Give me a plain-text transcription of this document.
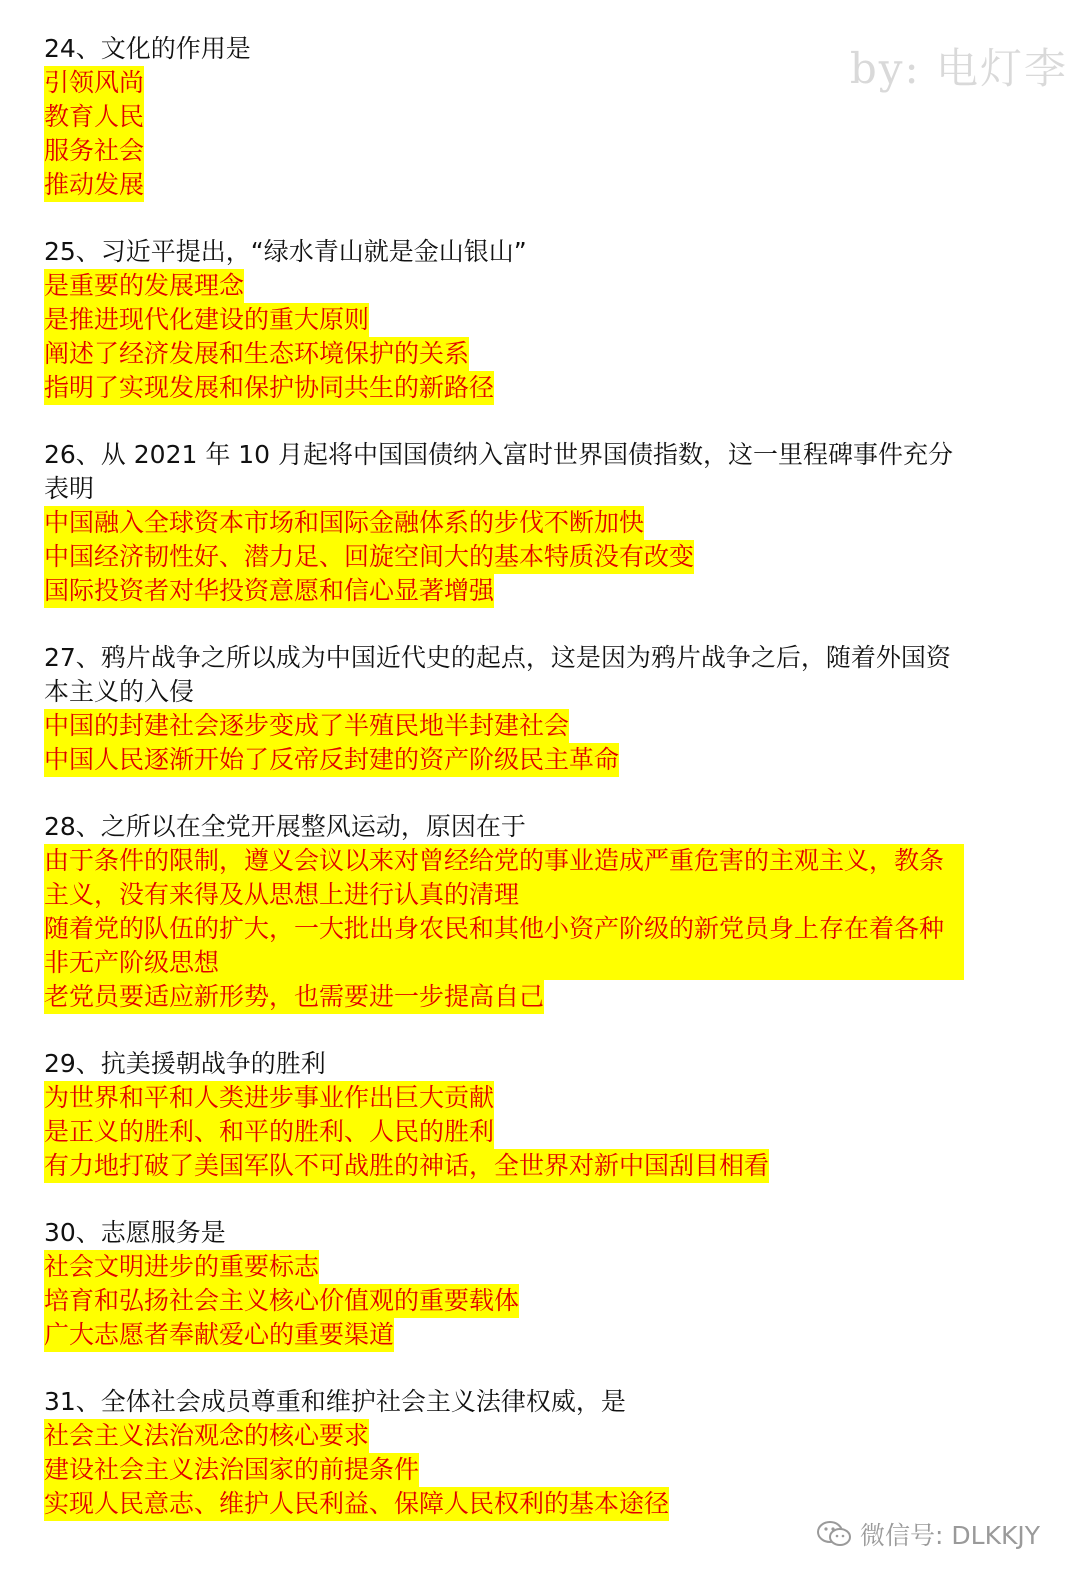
by: 电灯李

24、文化的作用是

引领风尚

教育人民

服务社会

推动发展

25、习近平提出，“绿水青山就是金山银山”

是重要的发展理念

是推进现代化建设的重大原则

阐述了经济发展和生态环境保护的关系

指明了实现发展和保护协同共生的新路径

26、从 2021 年 10 月起将中国国债纳入富时世界国债指数，这一里程碑事件充分表明

中国融入全球资本市场和国际金融体系的步伐不断加快

中国经济韧性好、潜力足、回旋空间大的基本特质没有改变

国际投资者对华投资意愿和信心显著增强

27、鸦片战争之所以成为中国近代史的起点，这是因为鸦片战争之后，随着外国资本主义的入侵

中国的封建社会逐步变成了半殖民地半封建社会

中国人民逐渐开始了反帝反封建的资产阶级民主革命

28、之所以在全党开展整风运动，原因在于

由于条件的限制，遵义会议以来对曾经给党的事业造成严重危害的主观主义，教条主义，没有来得及从思想上进行认真的清理

随着党的队伍的扩大，一大批出身农民和其他小资产阶级的新党员身上存在着各种非无产阶级思想

老党员要适应新形势，也需要进一步提高自己

29、抗美援朝战争的胜利

为世界和平和人类进步事业作出巨大贡献

是正义的胜利、和平的胜利、人民的胜利

有力地打破了美国军队不可战胜的神话，全世界对新中国刮目相看

30、志愿服务是

社会文明进步的重要标志

培育和弘扬社会主义核心价值观的重要载体

广大志愿者奉献爱心的重要渠道

31、全体社会成员尊重和维护社会主义法律权威，是

社会主义法治观念的核心要求

建设社会主义法治国家的前提条件

实现人民意志、维护人民利益、保障人民权利的基本途径

微信号: DLKKJY
